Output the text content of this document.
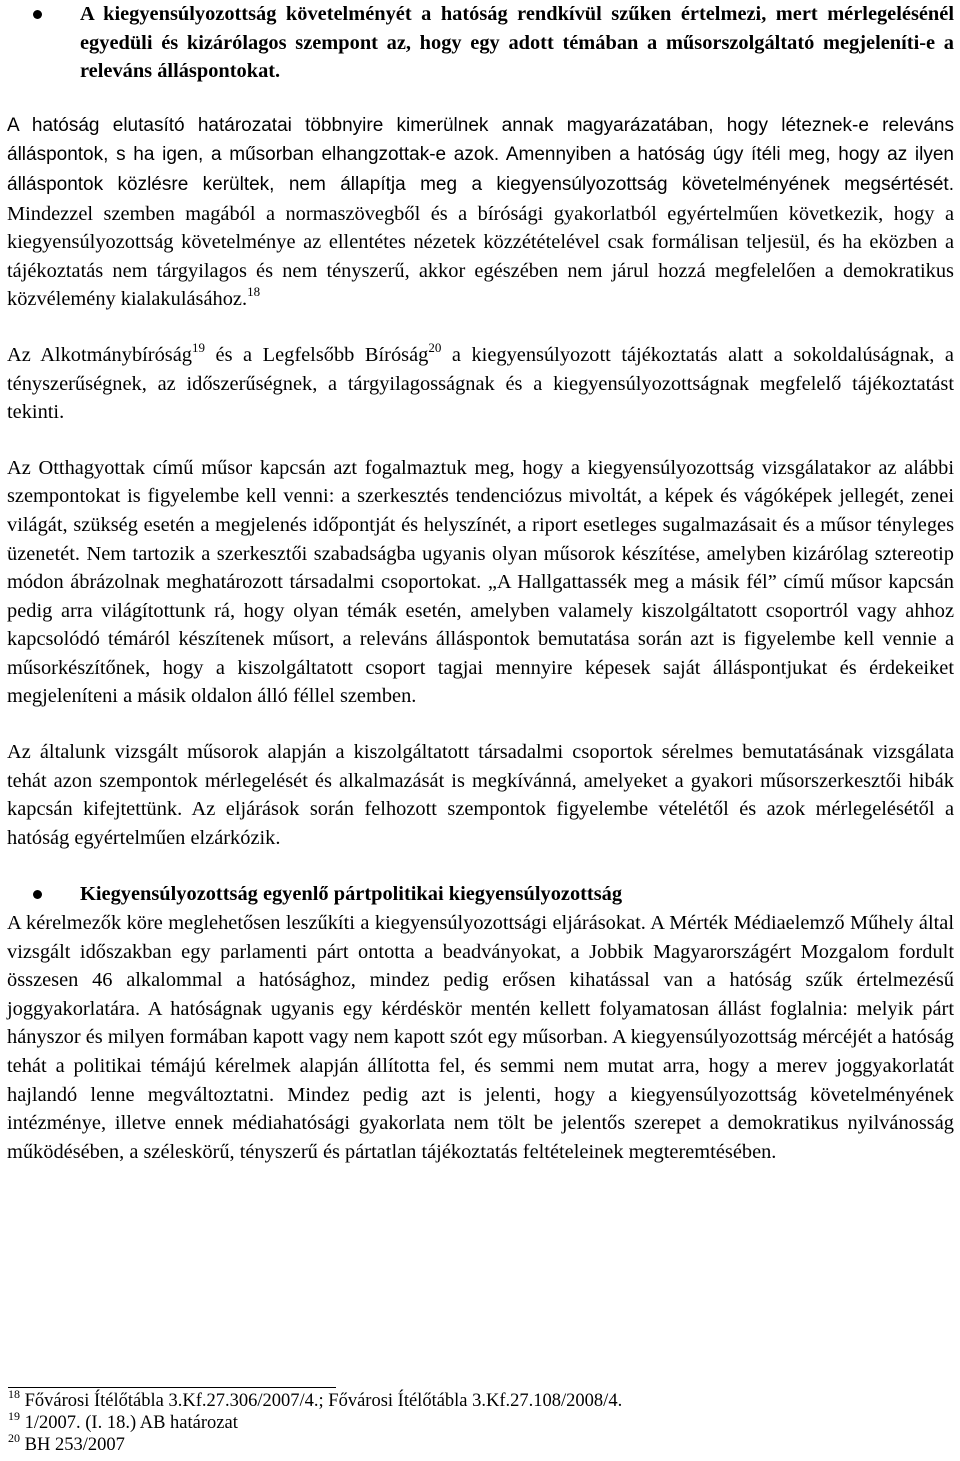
A kiegyensúlyozottság követelményét a hatóság rendkívül szűken értelmezi, mert mérlegelésénél egyedüli és kizárólagos szempont az, hogy egy adott témában a műsorszolgáltató megjeleníti-e a releváns álláspontokat.

A hatóság elutasító határozatai többnyire kimerülnek annak magyarázatában, hogy léteznek-e releváns álláspontok, s ha igen, a műsorban elhangzottak-e azok. Amennyiben a hatóság úgy ítéli meg, hogy az ilyen álláspontok közlésre kerültek, nem állapítja meg a kiegyensúlyozottság követelményének megsértését. Mindezzel szemben magából a normaszövegből és a bírósági gyakorlatból egyértelműen következik, hogy a kiegyensúlyozottság követelménye az ellentétes nézetek közzétételével csak formálisan teljesül, és ha eközben a tájékoztatás nem tárgyilagos és nem tényszerű, akkor egészében nem járul hozzá megfelelően a demokratikus közvélemény kialakulásához.$^{18}$

Az Alkotmánybíróság$^{19}$ és a Legfelsőbb Bíróság$^{20}$ a kiegyensúlyozott tájékoztatás alatt a sokoldalúságnak, a tényszerűségnek, az időszerűségnek, a tárgyilagosságnak és a kiegyensúlyozottságnak megfelelő tájékoztatást tekinti.

Az Otthagyottak című műsor kapcsán azt fogalmaztuk meg, hogy a kiegyensúlyozottság vizsgálatakor az alábbi szempontokat is figyelembe kell venni: a szerkesztés tendenciózus mivoltát, a képek és vágóképek jellegét, zenei világát, szükség esetén a megjelenés időpontját és helyszínét, a riport esetleges sugalmazásait és a műsor tényleges üzenetét. Nem tartozik a szerkesztői szabadságba ugyanis olyan műsorok készítése, amelyben kizárólag sztereotip módon ábrázolnak meghatározott társadalmi csoportokat. „A Hallgattassék meg a másik fél” című műsor kapcsán pedig arra világítottunk rá, hogy olyan témák esetén, amelyben valamely kiszolgáltatott csoportról vagy ahhoz kapcsolódó témáról készítenek műsort, a releváns álláspontok bemutatása során azt is figyelembe kell vennie a műsorkészítőnek, hogy a kiszolgáltatott csoport tagjai mennyire képesek saját álláspontjukat és érdekeiket megjeleníteni a másik oldalon álló féllel szemben.

Az általunk vizsgált műsorok alapján a kiszolgáltatott társadalmi csoportok sérelmes bemutatásának vizsgálata tehát azon szempontok mérlegelését és alkalmazását is megkívánná, amelyeket a gyakori műsorszerkesztői hibák kapcsán kifejtettünk. Az eljárások során felhozott szempontok figyelembe vételétől és azok mérlegelésétől a hatóság egyértelműen elzárkózik.

Kiegyensúlyozottság egyenlő pártpolitikai kiegyensúlyozottság

A kérelmezők köre meglehetősen leszűkíti a kiegyensúlyozottsági eljárásokat. A Mérték Médiaelemző Műhely által vizsgált időszakban egy parlamenti párt ontotta a beadványokat, a Jobbik Magyarországért Mozgalom fordult összesen 46 alkalommal a hatósághoz, mindez pedig erősen kihatással van a hatóság szűk értelmezésű joggyakorlatára. A hatóságnak ugyanis egy kérdéskör mentén kellett folyamatosan állást foglalnia: melyik párt hányszor és milyen formában kapott vagy nem kapott szót egy műsorban. A kiegyensúlyozottság mércéjét a hatóság tehát a politikai témájú kérelmek alapján állította fel, és semmi nem mutat arra, hogy a merev joggyakorlatát hajlandó lenne megváltoztatni. Mindez pedig azt is jelenti, hogy a kiegyensúlyozottság követelményének intézménye, illetve ennek médiahatósági gyakorlata nem tölt be jelentős szerepet a demokratikus nyilvánosság működésében, a széleskörű, tényszerű és pártatlan tájékoztatás feltételeinek megteremtésében.

$^{18}$ Fővárosi Ítélőtábla 3.Kf.27.306/2007/4.; Fővárosi Ítélőtábla 3.Kf.27.108/2008/4.

$^{19}$ 1/2007. (I. 18.) AB határozat

$^{20}$ BH 253/2007
